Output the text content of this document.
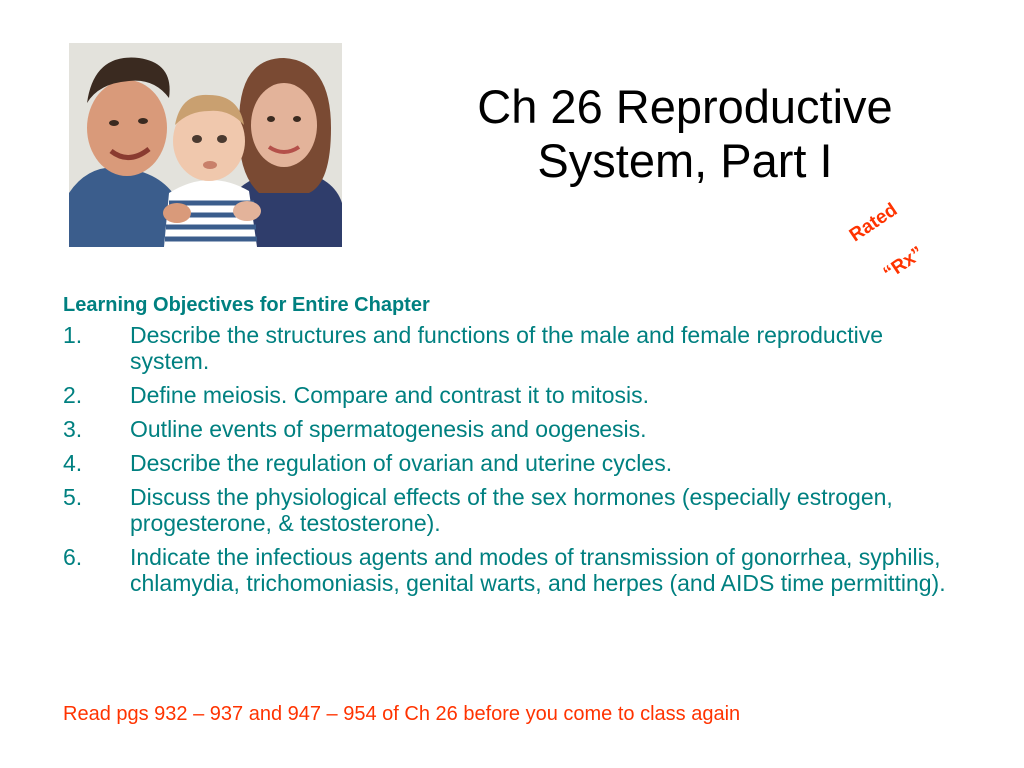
Ch 26 Reproductive
System, Part I
Rated
“Rx”
Learning Objectives for Entire Chapter
1. Describe the structures and functions of the male and female reproductive system.
2. Define meiosis. Compare and contrast it to mitosis.
3. Outline events of spermatogenesis and oogenesis.
4. Describe the regulation of ovarian and uterine cycles.
5. Discuss the physiological effects of the sex hormones (especially estrogen, progesterone, & testosterone).
6. Indicate the infectious agents and modes of transmission of gonorrhea, syphilis, chlamydia, trichomoniasis, genital warts, and herpes (and AIDS time permitting).
Read pgs 932 – 937 and 947 – 954 of Ch 26 before you come to class again
